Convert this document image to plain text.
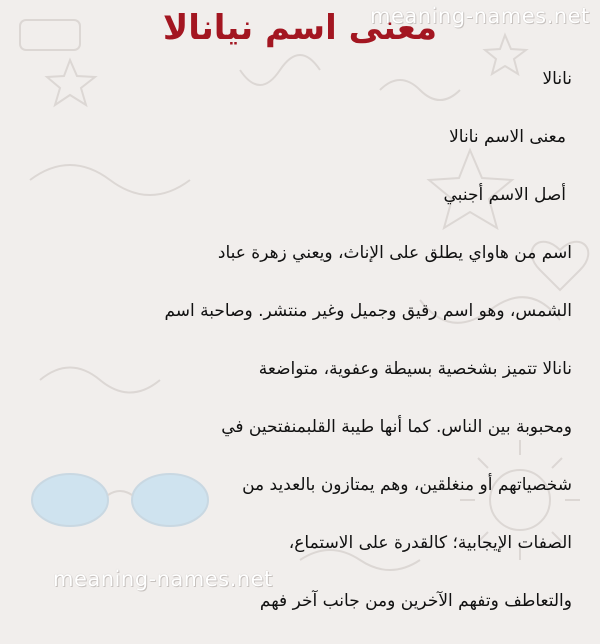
meaning-names.net
معنى اسم نيانالا
نانالا
معنى الاسم نانالا
أصل الاسم أجنبي
اسم من هاواي يطلق على الإناث، ويعني زهرة عباد
الشمس، وهو اسم رقيق وجميل وغير منتشر. وصاحبة اسم
نانالا تتميز بشخصية بسيطة وعفوية، متواضعة
ومحبوبة بين الناس. كما أنها طيبة القلبمنفتحين في
شخصياتهم أو منغلقين، وهم يمتازون بالعديد من
الصفات الإيجابية؛ كالقدرة على الاستماع،
والتعاطف وتفهم الآخرين ومن جانب آخر فهم
meaning-names.net
